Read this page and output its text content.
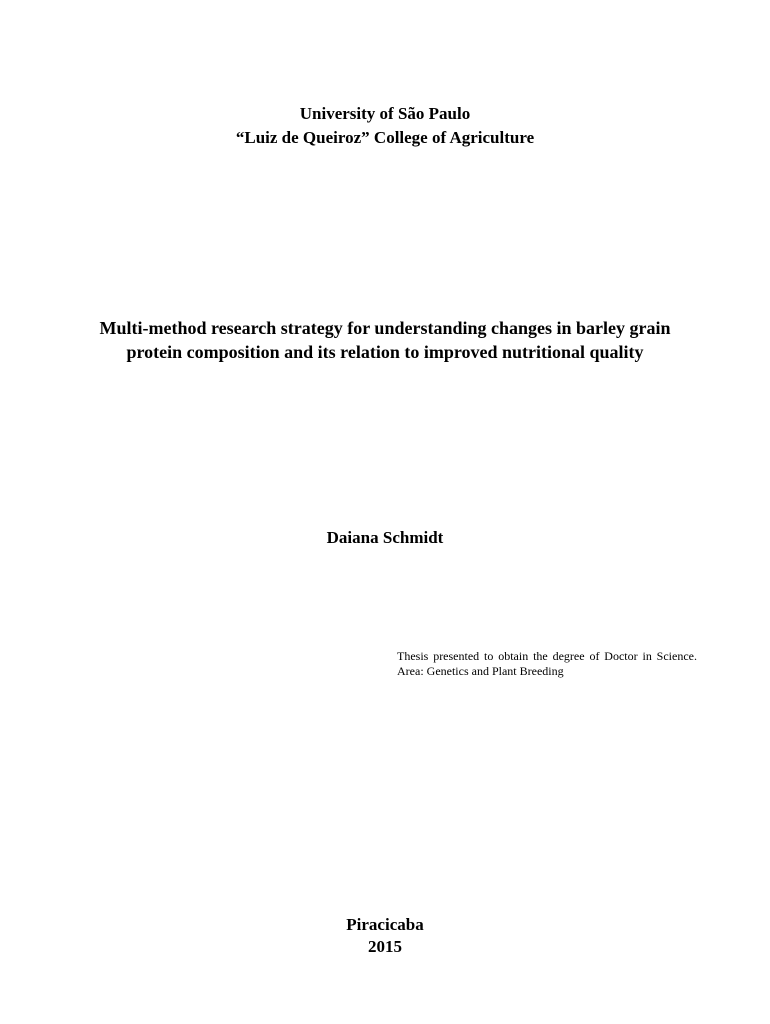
University of São Paulo
“Luiz de Queiroz” College of Agriculture
Multi-method research strategy for understanding changes in barley grain
protein composition and its relation to improved nutritional quality
Daiana Schmidt
Thesis presented to obtain the degree of Doctor in Science. Area: Genetics and Plant Breeding
Piracicaba
2015
